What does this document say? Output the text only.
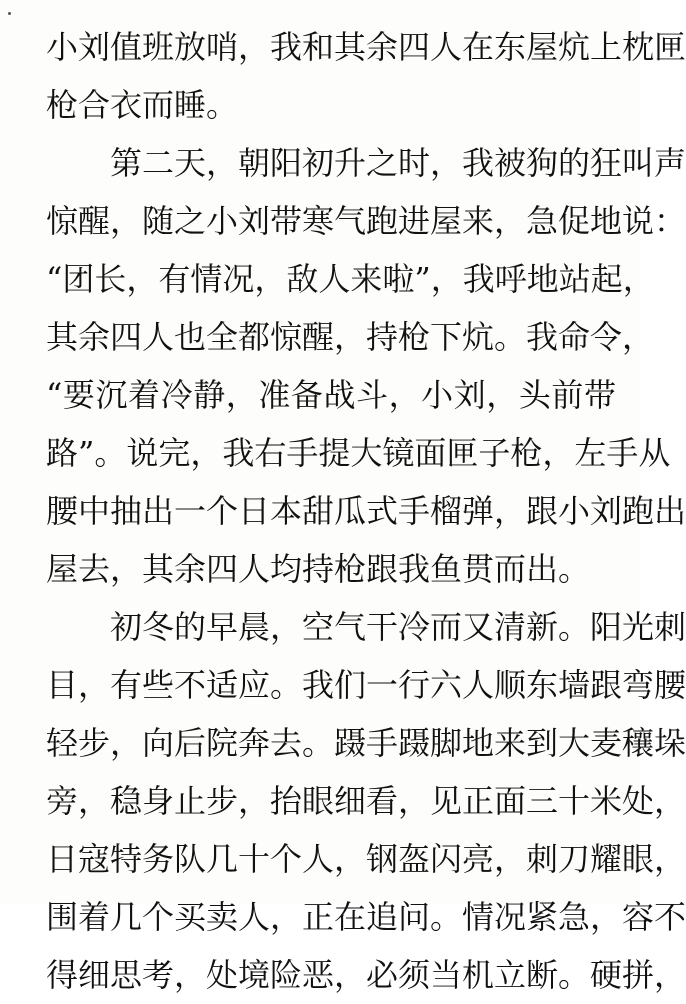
小刘值班放哨，我和其余四人在东屋炕上枕匣
枪合衣而睡。
第二天，朝阳初升之时，我被狗的狂叫声
惊醒，随之小刘带寒气跑进屋来，急促地说：
“团长，有情况，敌人来啦”，我呼地站起，
其余四人也全都惊醒，持枪下炕。我命令，
“要沉着冷静，准备战斗，小刘，头前带
路”。说完，我右手提大镜面匣子枪，左手从
腰中抽出一个日本甜瓜式手榴弹，跟小刘跑出
屋去，其余四人均持枪跟我鱼贯而出。
初冬的早晨，空气干冷而又清新。阳光刺
目，有些不适应。我们一行六人顺东墙跟弯腰
轻步，向后院奔去。蹑手蹑脚地来到大麦穰垛
旁，稳身止步，抬眼细看，见正面三十米处，
日寇特务队几十个人，钢盔闪亮，刺刀耀眼，
围着几个买卖人，正在追问。情况紧急，容不
得细思考，处境险恶，必须当机立断。硬拼，
